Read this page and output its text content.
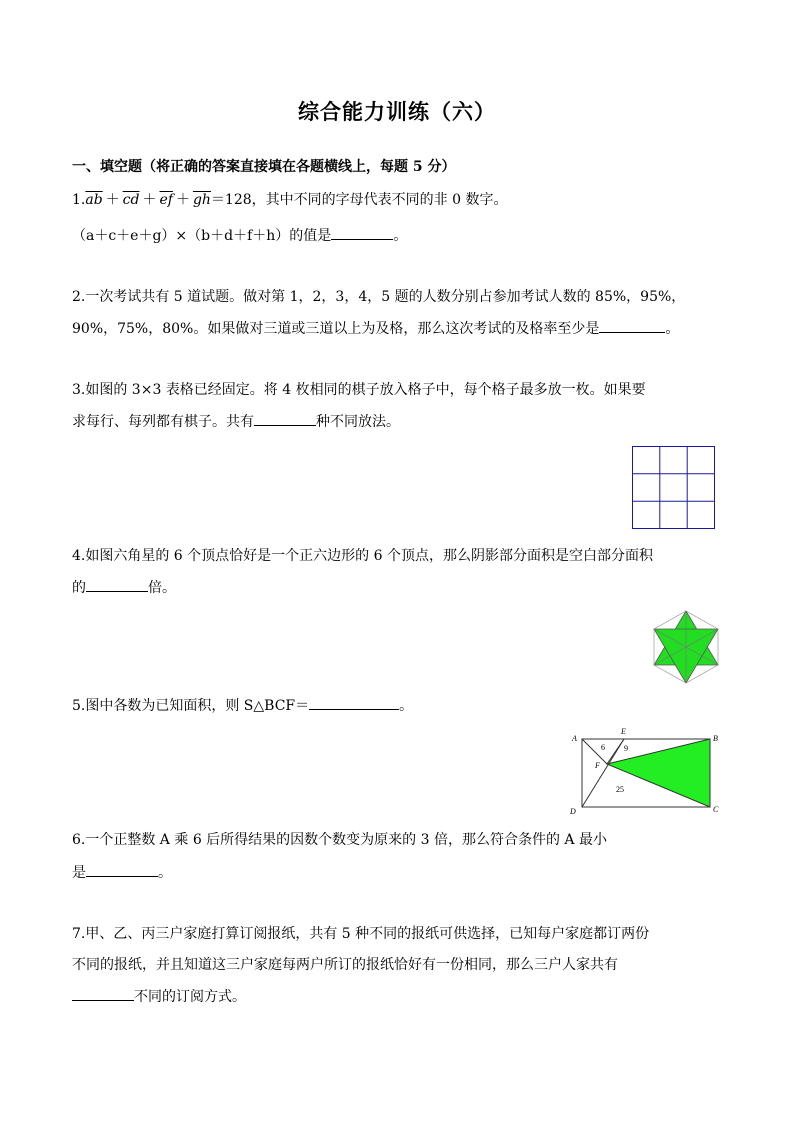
综合能力训练（六）
一、填空题（将正确的答案直接填在各题横线上，每题 5 分）
$1.\overline{ab} + \overline{cd} + \overline{ef} + \overline{gh}=128$，其中不同的字母代表不同的非 0 数字。
（a＋c＋e＋g）×（b＋d＋f＋h）的值是	。
2.一次考试共有 5 道试题。做对第 1，2，3，4，5 题的人数分别占参加考试人数的 85%，95%，
90%，75%，80%。如果做对三道或三道以上为及格，那么这次考试的及格率至少是	。
3.如图的 3×3 表格已经固定。将 4 枚相同的棋子放入格子中，每个格子最多放一枚。如果要
求每行、每列都有棋子。共有	种不同放法。
4.如图六角星的 6 个顶点恰好是一个正六边形的 6 个顶点，那么阴影部分面积是空白部分面积
的	倍。
5.图中各数为已知面积，则 S△BCF＝	。
A	B
C
D
E
F
6 9
25
6.一个正整数 A 乘 6 后所得结果的因数个数变为原来的 3 倍，那么符合条件的 A 最小
是	。
7.甲、乙、丙三户家庭打算订阅报纸，共有 5 种不同的报纸可供选择，已知每户家庭都订两份
不同的报纸，并且知道这三户家庭每两户所订的报纸恰好有一份相同，那么三户人家共有
不同的订阅方式。
